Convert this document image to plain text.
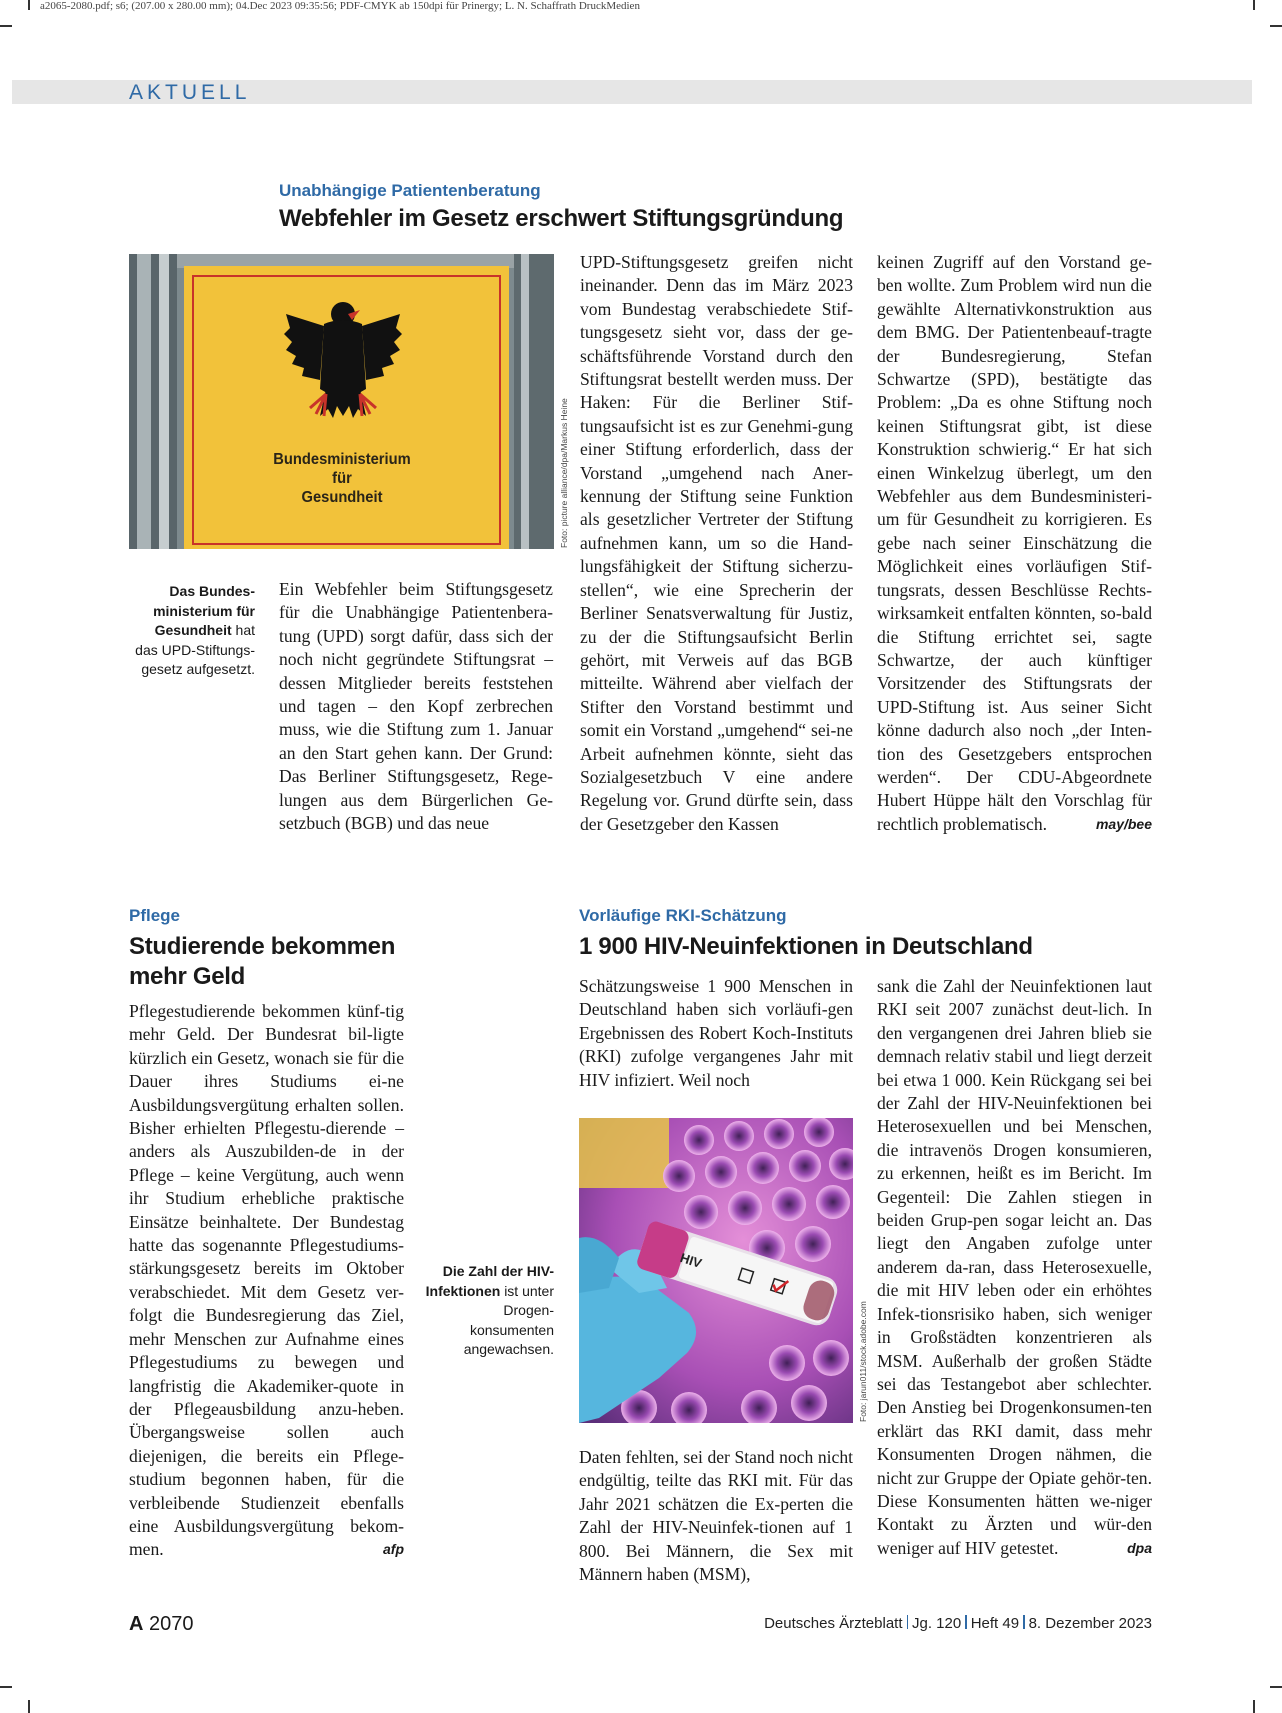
a2065-2080.pdf; s6; (207.00 x 280.00 mm); 04.Dec 2023 09:35:56; PDF-CMYK ab 150dpi für Prinergy; L. N. Schaffrath DruckMedien
AKTUELL
Unabhängige Patientenberatung
Webfehler im Gesetz erschwert Stiftungsgründung
Bundesministerium
für
Gesundheit	Foto: picture alliance/dpa/Markus Heine
Das Bundes-ministerium für Gesundheit hat das UPD-Stiftungs-gesetz aufgesetzt.
Ein Webfehler beim Stiftungsgesetz für die Unabhängige Patientenbera-tung (UPD) sorgt dafür, dass sich der noch nicht gegründete Stiftungsrat – dessen Mitglieder bereits feststehen und tagen – den Kopf zerbrechen muss, wie die Stiftung zum 1. Januar an den Start gehen kann. Der Grund: Das Berliner Stiftungsgesetz, Rege-lungen aus dem Bürgerlichen Ge-setzbuch (BGB) und das neue
UPD-Stiftungsgesetz greifen nicht ineinander. Denn das im März 2023 vom Bundestag verabschiedete Stif-tungsgesetz sieht vor, dass der ge-schäftsführende Vorstand durch den Stiftungsrat bestellt werden muss. Der Haken: Für die Berliner Stif-tungsaufsicht ist es zur Genehmi-gung einer Stiftung erforderlich, dass der Vorstand „umgehend nach Aner-kennung der Stiftung seine Funktion als gesetzlicher Vertreter der Stiftung aufnehmen kann, um so die Hand-lungsfähigkeit der Stiftung sicherzu-stellen“, wie eine Sprecherin der Berliner Senatsverwaltung für Justiz, zu der die Stiftungsaufsicht Berlin gehört, mit Verweis auf das BGB mitteilte. Während aber vielfach der Stifter den Vorstand bestimmt und somit ein Vorstand „umgehend“ sei-ne Arbeit aufnehmen könnte, sieht das Sozialgesetzbuch V eine andere Regelung vor. Grund dürfte sein, dass der Gesetzgeber den Kassen
keinen Zugriff auf den Vorstand ge-ben wollte. Zum Problem wird nun die gewählte Alternativkonstruktion aus dem BMG. Der Patientenbeauf-tragte der Bundesregierung, Stefan Schwartze (SPD), bestätigte das Problem: „Da es ohne Stiftung noch keinen Stiftungsrat gibt, ist diese Konstruktion schwierig.“ Er hat sich einen Winkelzug überlegt, um den Webfehler aus dem Bundesministeri-um für Gesundheit zu korrigieren. Es gebe nach seiner Einschätzung die Möglichkeit eines vorläufigen Stif-tungsrats, dessen Beschlüsse Rechts-wirksamkeit entfalten könnten, so-bald die Stiftung errichtet sei, sagte Schwartze, der auch künftiger Vorsitzender des Stiftungsrats der UPD-Stiftung ist. Aus seiner Sicht könne dadurch also noch „der Inten-tion des Gesetzgebers entsprochen werden“. Der CDU-Abgeordnete Hubert Hüppe hält den Vorschlag für rechtlich problematisch.	may/bee
Pflege
Studierende bekommen
mehr Geld
Pflegestudierende bekommen künf-tig mehr Geld. Der Bundesrat bil-ligte kürzlich ein Gesetz, wonach sie für die Dauer ihres Studiums ei-ne Ausbildungsvergütung erhalten sollen. Bisher erhielten Pflegestu-dierende – anders als Auszubilden-de in der Pflege – keine Vergütung, auch wenn ihr Studium erhebliche praktische Einsätze beinhaltete. Der Bundestag hatte das sogenannte Pflegestudiums-stärkungsgesetz bereits im Oktober verabschiedet. Mit dem Gesetz ver-folgt die Bundesregierung das Ziel, mehr Menschen zur Aufnahme eines Pflegestudiums zu bewegen und langfristig die Akademiker-quote in der Pflegeausbildung anzu-heben. Übergangsweise sollen auch diejenigen, die bereits ein Pflege-studium begonnen haben, für die verbleibende Studienzeit ebenfalls eine Ausbildungsvergütung bekom-men.	afp
Vorläufige RKI-Schätzung
1 900 HIV-Neuinfektionen in Deutschland
Schätzungsweise 1 900 Menschen in Deutschland haben sich vorläufi-gen Ergebnissen des Robert Koch-Instituts (RKI) zufolge vergangenes Jahr mit HIV infiziert. Weil noch
HIV
Foto: jarun011/stock.adobe.com
Die Zahl der HIV-Infektionen ist unter Drogen-konsumenten angewachsen.
Daten fehlten, sei der Stand noch nicht endgültig, teilte das RKI mit. Für das Jahr 2021 schätzen die Ex-perten die Zahl der HIV-Neuinfek-tionen auf 1 800. Bei Männern, die Sex mit Männern haben (MSM),
sank die Zahl der Neuinfektionen laut RKI seit 2007 zunächst deut-lich. In den vergangenen drei Jahren blieb sie demnach relativ stabil und liegt derzeit bei etwa 1 000. Kein Rückgang sei bei der Zahl der HIV-Neuinfektionen bei Heterosexuellen und bei Menschen, die intravenös Drogen konsumieren, zu erkennen, heißt es im Bericht. Im Gegenteil: Die Zahlen stiegen in beiden Grup-pen sogar leicht an. Das liegt den Angaben zufolge unter anderem da-ran, dass Heterosexuelle, die mit HIV leben oder ein erhöhtes Infek-tionsrisiko haben, sich weniger in Großstädten konzentrieren als MSM. Außerhalb der großen Städte sei das Testangebot aber schlechter. Den Anstieg bei Drogenkonsumen-ten erklärt das RKI damit, dass mehr Konsumenten Drogen nähmen, die nicht zur Gruppe der Opiate gehör-ten. Diese Konsumenten hätten we-niger Kontakt zu Ärzten und wür-den weniger auf HIV getestet.	dpa
A 2070	Deutsches Ärzteblatt Jg. 120 Heft 49 8. Dezember 2023
